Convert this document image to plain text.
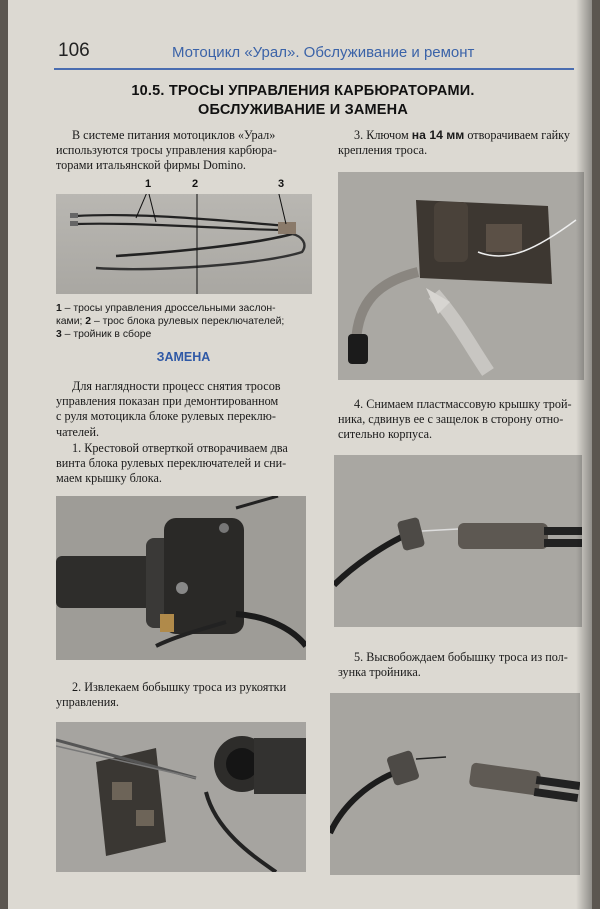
106	Мотоцикл «Урал». Обслуживание и ремонт
10.5. ТРОСЫ УПРАВЛЕНИЯ КАРБЮРАТОРАМИ.
ОБСЛУЖИВАНИЕ И ЗАМЕНА
В системе питания мотоциклов «Урал»
используются тросы управления карбюра-
торами итальянской фирмы Domino.
1	2	3
1 – тросы управления дроссельными заслон-
ками; 2 – трос блока рулевых переключателей;
3 – тройник в сборе
ЗАМЕНА
Для наглядности процесс снятия тросов
управления показан при демонтированном
с руля мотоцикла блоке рулевых переклю-
чателей.
1. Крестовой отверткой отворачиваем два
винта блока рулевых переключателей и сни-
маем крышку блока.
2. Извлекаем бобышку троса из рукоятки
управления.
3. Ключом на 14 мм отворачиваем гайку
крепления троса.
4. Снимаем пластмассовую крышку трой-
ника, сдвинув ее с защелок в сторону отно-
сительно корпуса.
5. Высвобождаем бобышку троса из пол-
зунка тройника.
